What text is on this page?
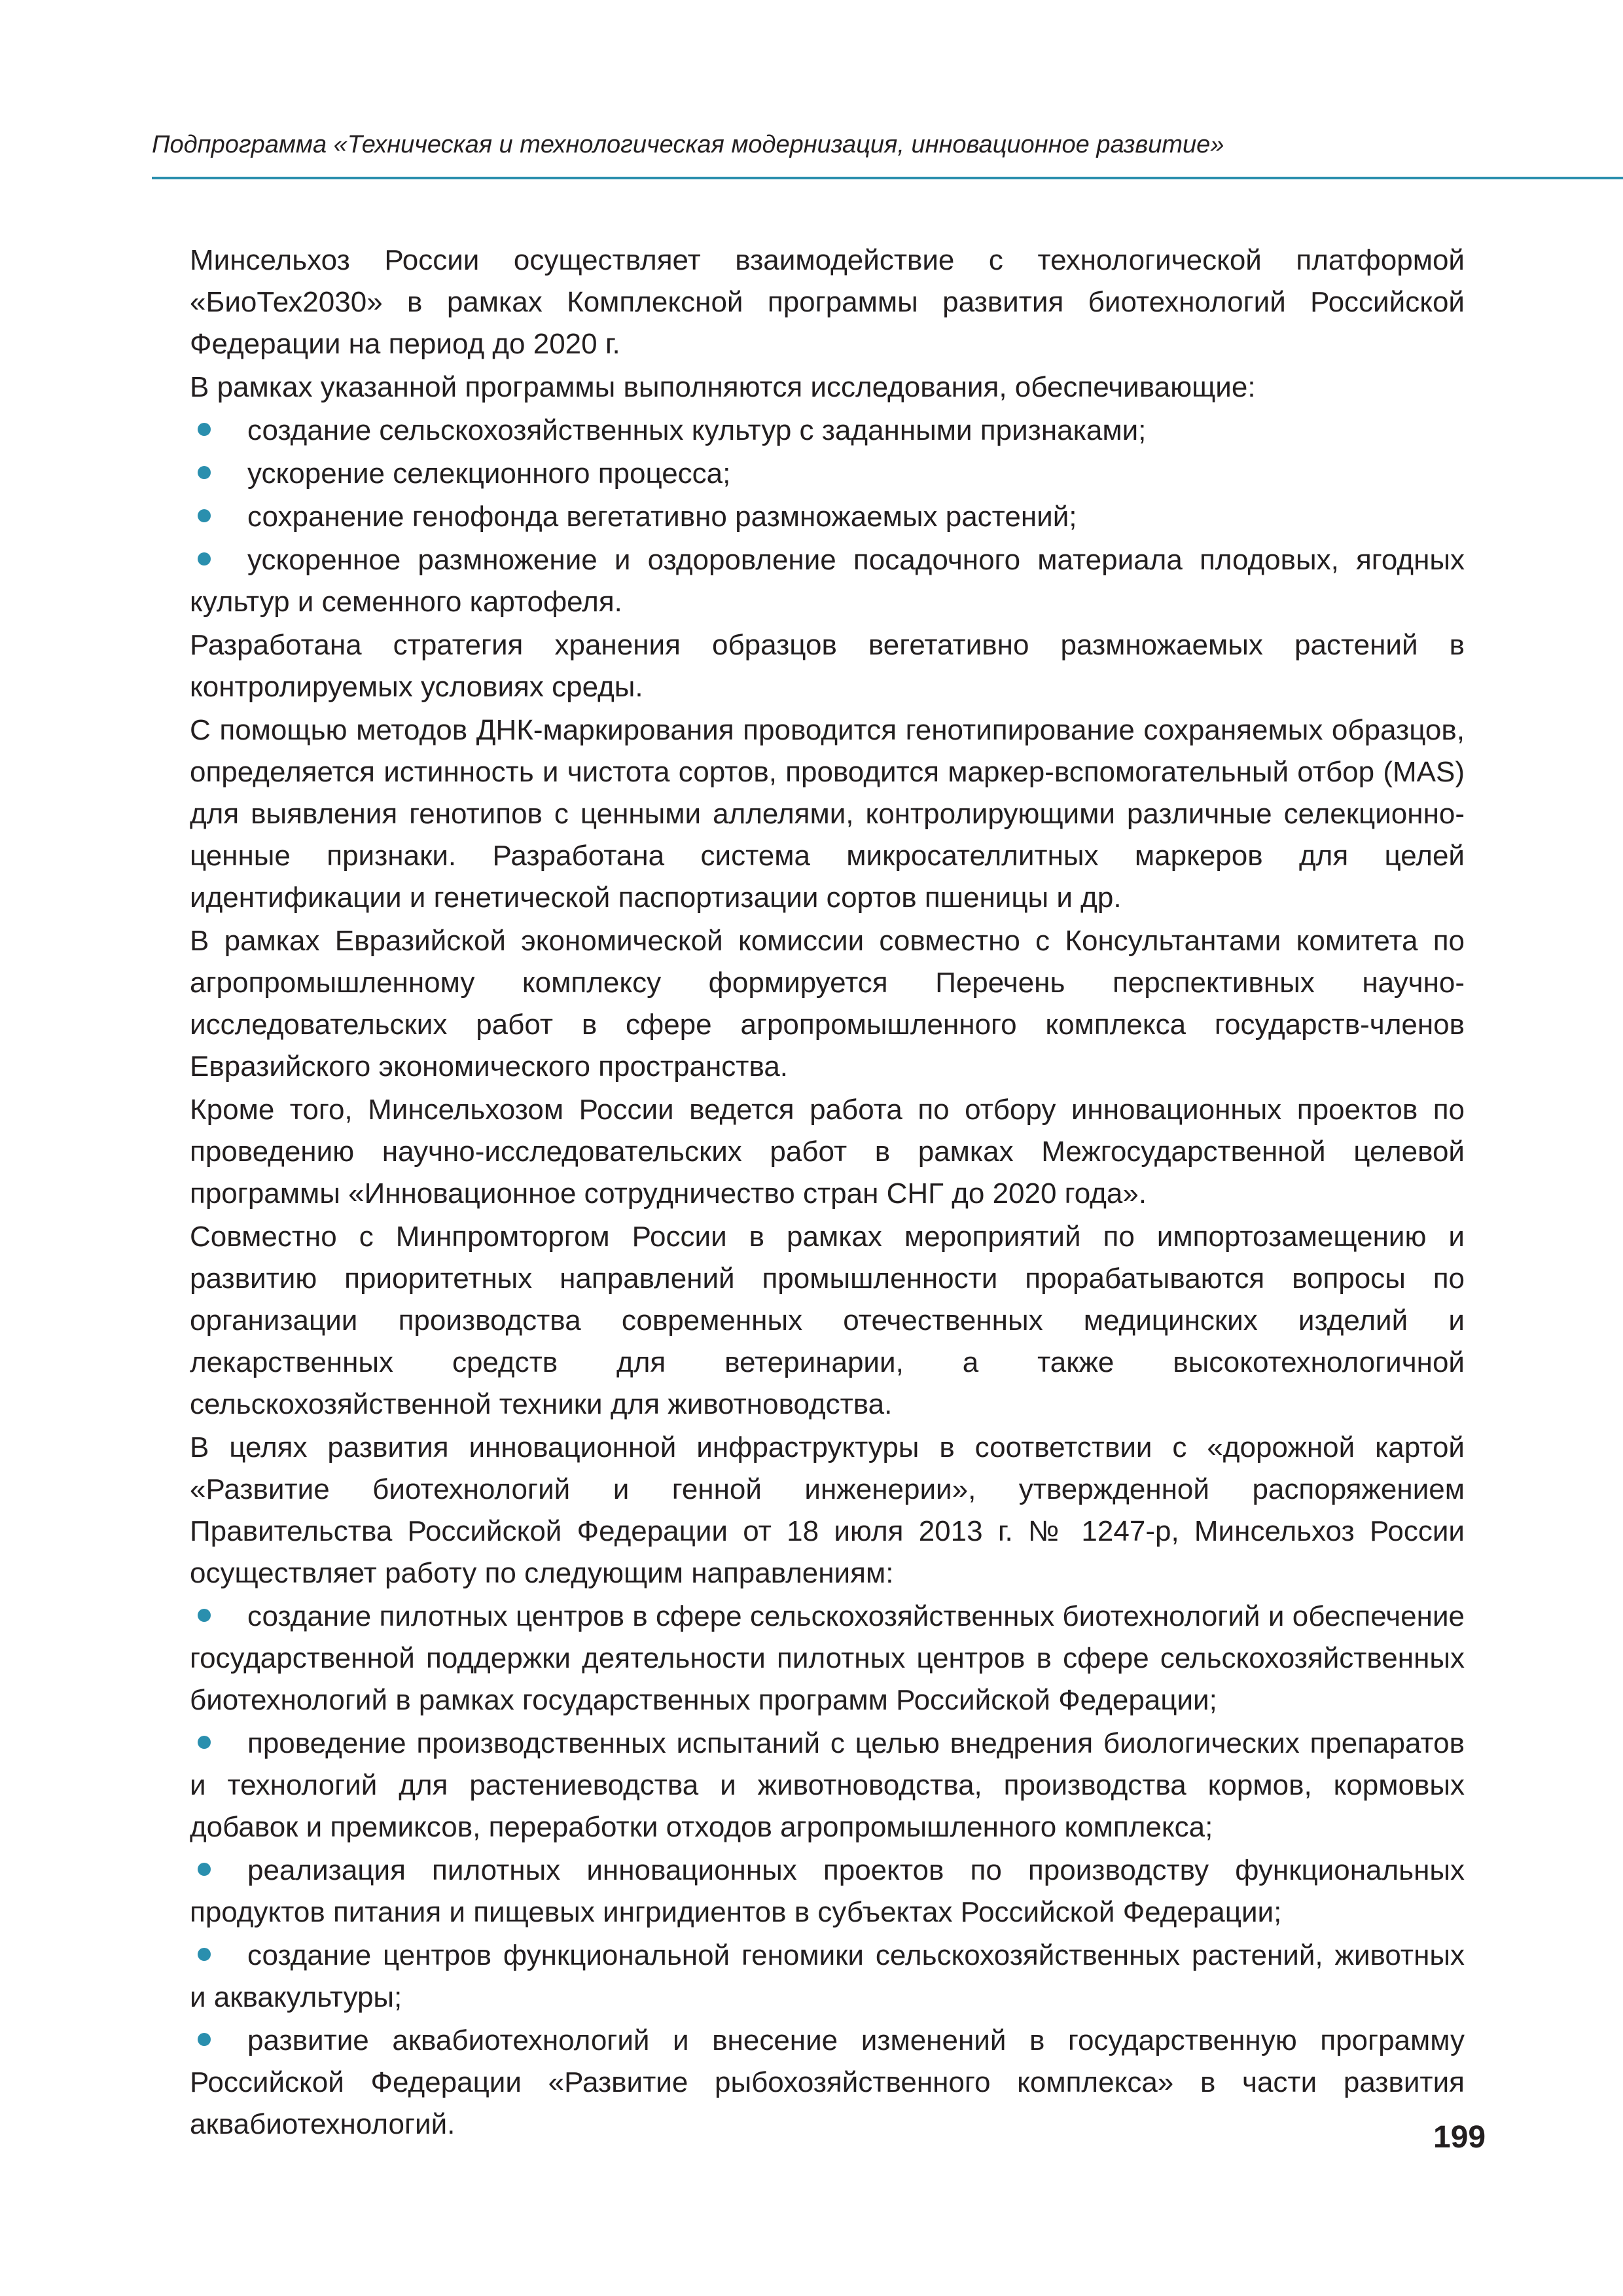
Подпрограмма «Техническая и технологическая модернизация, инновационное развитие»
Минсельхоз России осуществляет взаимодействие с технологической платформой «БиоТех2030» в рамках Комплексной программы развития биотехнологий Российской Федерации на период до 2020 г.
В рамках указанной программы выполняются исследования, обеспечивающие:
создание сельскохозяйственных культур с заданными признаками;
ускорение селекционного процесса;
сохранение генофонда вегетативно размножаемых растений;
ускоренное размножение и оздоровление посадочного материала плодовых, ягодных культур и семенного картофеля.
Разработана стратегия хранения образцов вегетативно размножаемых растений в контролируемых условиях среды.
С помощью методов ДНК-маркирования проводится генотипирование сохраняемых образцов, определяется истинность и чистота сортов, проводится маркер-вспомогательный отбор (MAS) для выявления генотипов с ценными аллелями, контролирующими различные селекционно-ценные признаки. Разработана система микросателлитных маркеров для целей идентификации и генетической паспортизации сортов пшеницы и др.
В рамках Евразийской экономической комиссии совместно с Консультантами комитета по агропромышленному комплексу формируется Перечень перспективных научно-исследовательских работ в сфере агропромышленного комплекса государств-членов Евразийского экономического пространства.
Кроме того, Минсельхозом России ведется работа по отбору инновационных проектов по проведению научно-исследовательских работ в рамках Межгосударственной целевой программы «Инновационное сотрудничество стран СНГ до 2020 года».
Совместно с Минпромторгом России в рамках мероприятий по импортозамещению и развитию приоритетных направлений промышленности прорабатываются вопросы по организации производства современных отечественных медицинских изделий и лекарственных средств для ветеринарии, а также высокотехнологичной сельскохозяйственной техники для животноводства.
В целях развития инновационной инфраструктуры в соответствии с «дорожной картой «Развитие биотехнологий и генной инженерии», утвержденной распоряжением Правительства Российской Федерации от 18 июля 2013 г. № 1247-р, Минсельхоз России осуществляет работу по следующим направлениям:
создание пилотных центров в сфере сельскохозяйственных биотехнологий и обеспечение государственной поддержки деятельности пилотных центров в сфере сельскохозяйственных биотехнологий в рамках государственных программ Российской Федерации;
проведение производственных испытаний с целью внедрения биологических препаратов и технологий для растениеводства и животноводства, производства кормов, кормовых добавок и премиксов, переработки отходов агропромышленного комплекса;
реализация пилотных инновационных проектов по производству функциональных продуктов питания и пищевых ингридиентов в субъектах Российской Федерации;
создание центров функциональной геномики сельскохозяйственных растений, животных и аквакультуры;
развитие аквабиотехнологий и внесение изменений в государственную программу Российской Федерации «Развитие рыбохозяйственного комплекса» в части развития аквабиотехнологий.	199
